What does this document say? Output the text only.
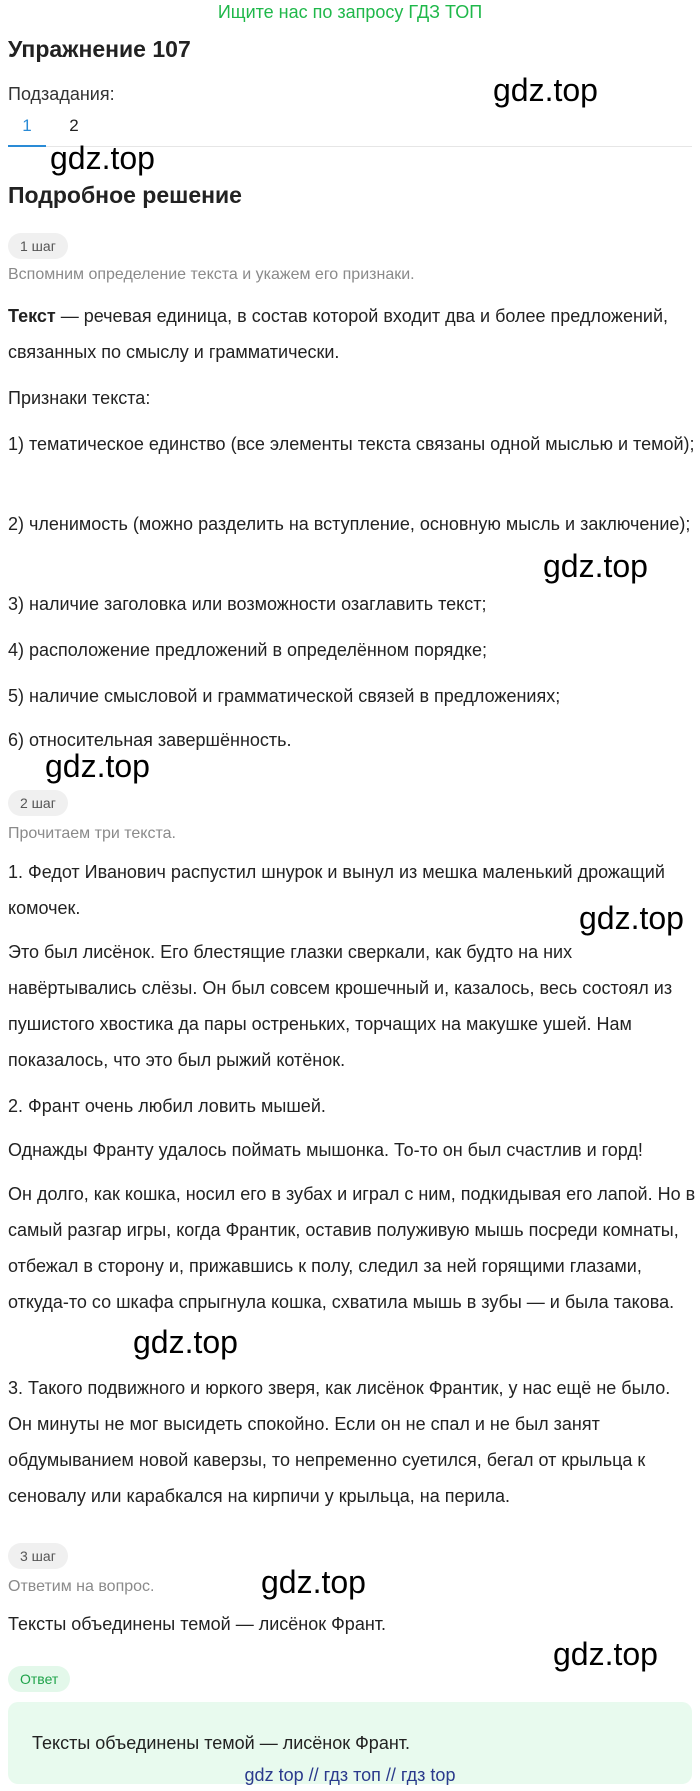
Ищите нас по запросу ГДЗ ТОП
Упражнение 107
Подзадания:
1	2
gdz.top
gdz.top
Подробное решение
1 шаг
Вспомним определение текста и укажем его признаки.
Текст — речевая единица, в состав которой входит два и более предложений, связанных по смыслу и грамматически.
Признаки текста:
1) тематическое единство (все элементы текста связаны одной мыслью и темой);
2) членимость (можно разделить на вступление, основную мысль и заключение);
3) наличие заголовка или возможности озаглавить текст;
4) расположение предложений в определённом порядке;
5) наличие смысловой и грамматической связей в предложениях;
6) относительная завершённость.
gdz.top
gdz.top
2 шаг
Прочитаем три текста.
1. Федот Иванович распустил шнурок и вынул из мешка маленький дрожащий комочек.
Это был лисёнок. Его блестящие глазки сверкали, как будто на них навёртывались слёзы. Он был совсем крошечный и, казалось, весь состоял из пушистого хвостика да пары остреньких, торчащих на макушке ушей. Нам показалось, что это был рыжий котёнок.
2. Франт очень любил ловить мышей.
Однажды Франту удалось поймать мышонка. То-то он был счастлив и горд!
Он долго, как кошка, носил его в зубах и играл с ним, подкидывая его лапой. Но в самый разгар игры, когда Франтик, оставив полуживую мышь посреди комнаты, отбежал в сторону и, прижавшись к полу, следил за ней горящими глазами, откуда-то со шкафа спрыгнула кошка, схватила мышь в зубы — и была такова.
3. Такого подвижного и юркого зверя, как лисёнок Франтик, у нас ещё не было. Он минуты не мог высидеть спокойно. Если он не спал и не был занят обдумыванием новой каверзы, то непременно суетился, бегал от крыльца к сеновалу или карабкался на кирпичи у крыльца, на перила.
gdz.top
gdz.top
3 шаг
Ответим на вопрос.
Тексты объединены темой — лисёнок Франт.
gdz.top
gdz.top
Ответ
Тексты объединены темой — лисёнок Франт.
gdz top // гдз топ // гдз top
